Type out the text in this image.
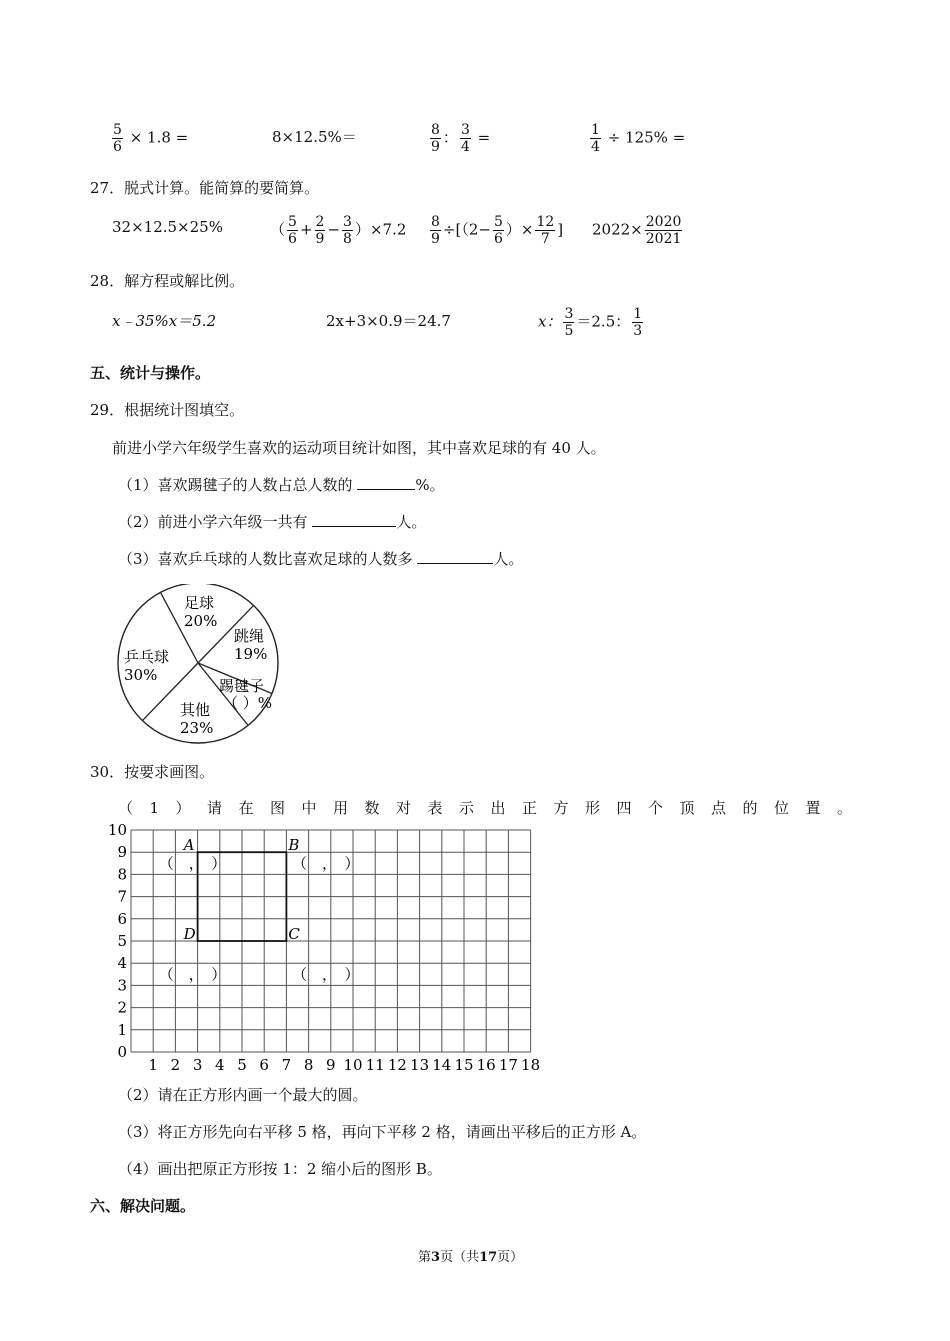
$\frac{5}{6} \times 1.8$ =	8×12.5%＝	$\frac{8}{9}$ ： $\frac{3}{4}$ =	$\frac{1}{4} \div 125\%$ =
27．脱式计算。能简算的要简算。
32×12.5×25%	（ $\frac{5}{6} + \frac{2}{9} - \frac{3}{8} )\times 7.2 \frac{8}{9} \div[(2- \frac{5}{6}$ ）× $\frac{12}{7}$ ] $2022\times \frac{2020}{2021}$
28．解方程或解比例。
x﹣35%x＝5.2	2x+3×0.9＝24.7	x： $\frac{3}{5} =2.5$： $\frac{1}{3}$
五、统计与操作。
29．根据统计图填空。
前进小学六年级学生喜欢的运动项目统计如图，其中喜欢足球的有 40 人。
（1）喜欢踢毽子的人数占总人数的	%。
（2）前进小学六年级一共有	人。
（3）喜欢乒乓球的人数比喜欢足球的人数多	人。
足球
20%
跳绳
19%
踢毽子
（ ）%
其他
23%
乒乓球
30%
30．按要求画图。
（1）请在图中用数对表示出正方形四个顶点的位置。
1 2 3 4 5 6 7 8 9 10 11 12 13 14 15 16 17 18
0
1
2
3
4
5
6
7
8
9
10
A
（　，　）
B
（　，　）
D
（　，　）
C
（　，　）
（2）请在正方形内画一个最大的圆。
（3）将正方形先向右平移 5 格，再向下平移 2 格，请画出平移后的正方形 A。
（4）画出把原正方形按 1：2 缩小后的图形 B。
六、解决问题。
第3页（共17页）
